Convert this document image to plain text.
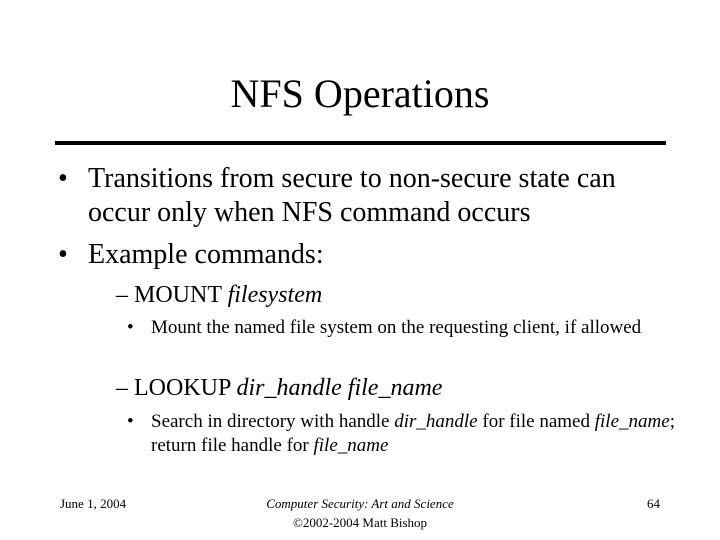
NFS Operations
• Transitions from secure to non-secure state can occur only when NFS command occurs
• Example commands:
– MOUNT filesystem
• Mount the named file system on the requesting client, if allowed
– LOOKUP dir_handle file_name
• Search in directory with handle dir_handle for file named file_name; return file handle for file_name
June 1, 2004	Computer Security: Art and Science
©2002-2004 Matt Bishop
64
